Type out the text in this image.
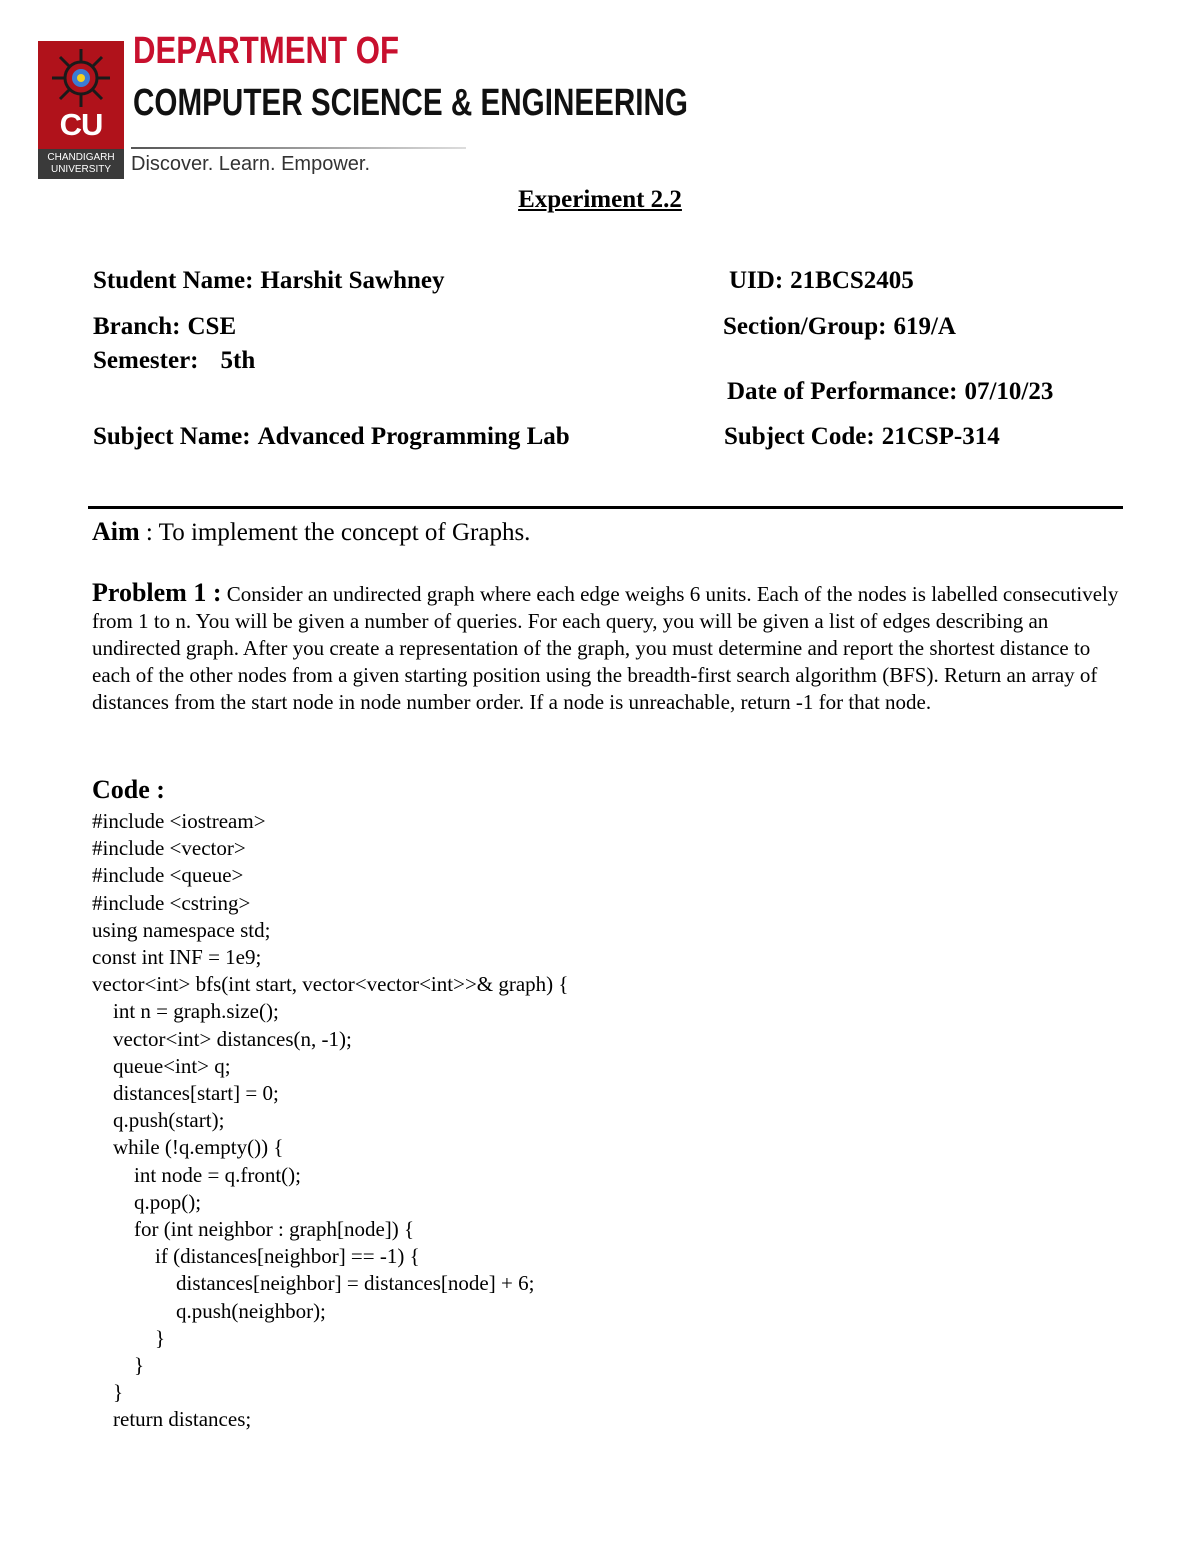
CU
CHANDIGARH
UNIVERSITY
DEPARTMENT OF
COMPUTER SCIENCE & ENGINEERING
Discover. Learn. Empower.
Experiment 2.2
Student Name: Harshit Sawhney	UID: 21BCS2405
Branch: CSE	Section/Group: 619/A
Semester: 5th
Date of Performance: 07/10/23
Subject Name: Advanced Programming Lab	Subject Code: 21CSP-314
Aim : To implement the concept of Graphs.
Problem 1 : Consider an undirected graph where each edge weighs 6 units. Each of the nodes is labelled consecutively from 1 to n. You will be given a number of queries. For each query, you will be given a list of edges describing an undirected graph. After you create a representation of the graph, you must determine and report the shortest distance to each of the other nodes from a given starting position using the breadth-first search algorithm (BFS). Return an array of distances from the start node in node number order. If a node is unreachable, return -1 for that node.
Code :
#include <iostream>
#include <vector>
#include <queue>
#include <cstring>
using namespace std;
const int INF = 1e9;
vector<int> bfs(int start, vector<vector<int>>& graph) {
int n = graph.size();
vector<int> distances(n, -1);
queue<int> q;
distances[start] = 0;
q.push(start);
while (!q.empty()) {
int node = q.front();
q.pop();
for (int neighbor : graph[node]) {
if (distances[neighbor] == -1) {
distances[neighbor] = distances[node] + 6;
q.push(neighbor);
}
}
}
return distances;
